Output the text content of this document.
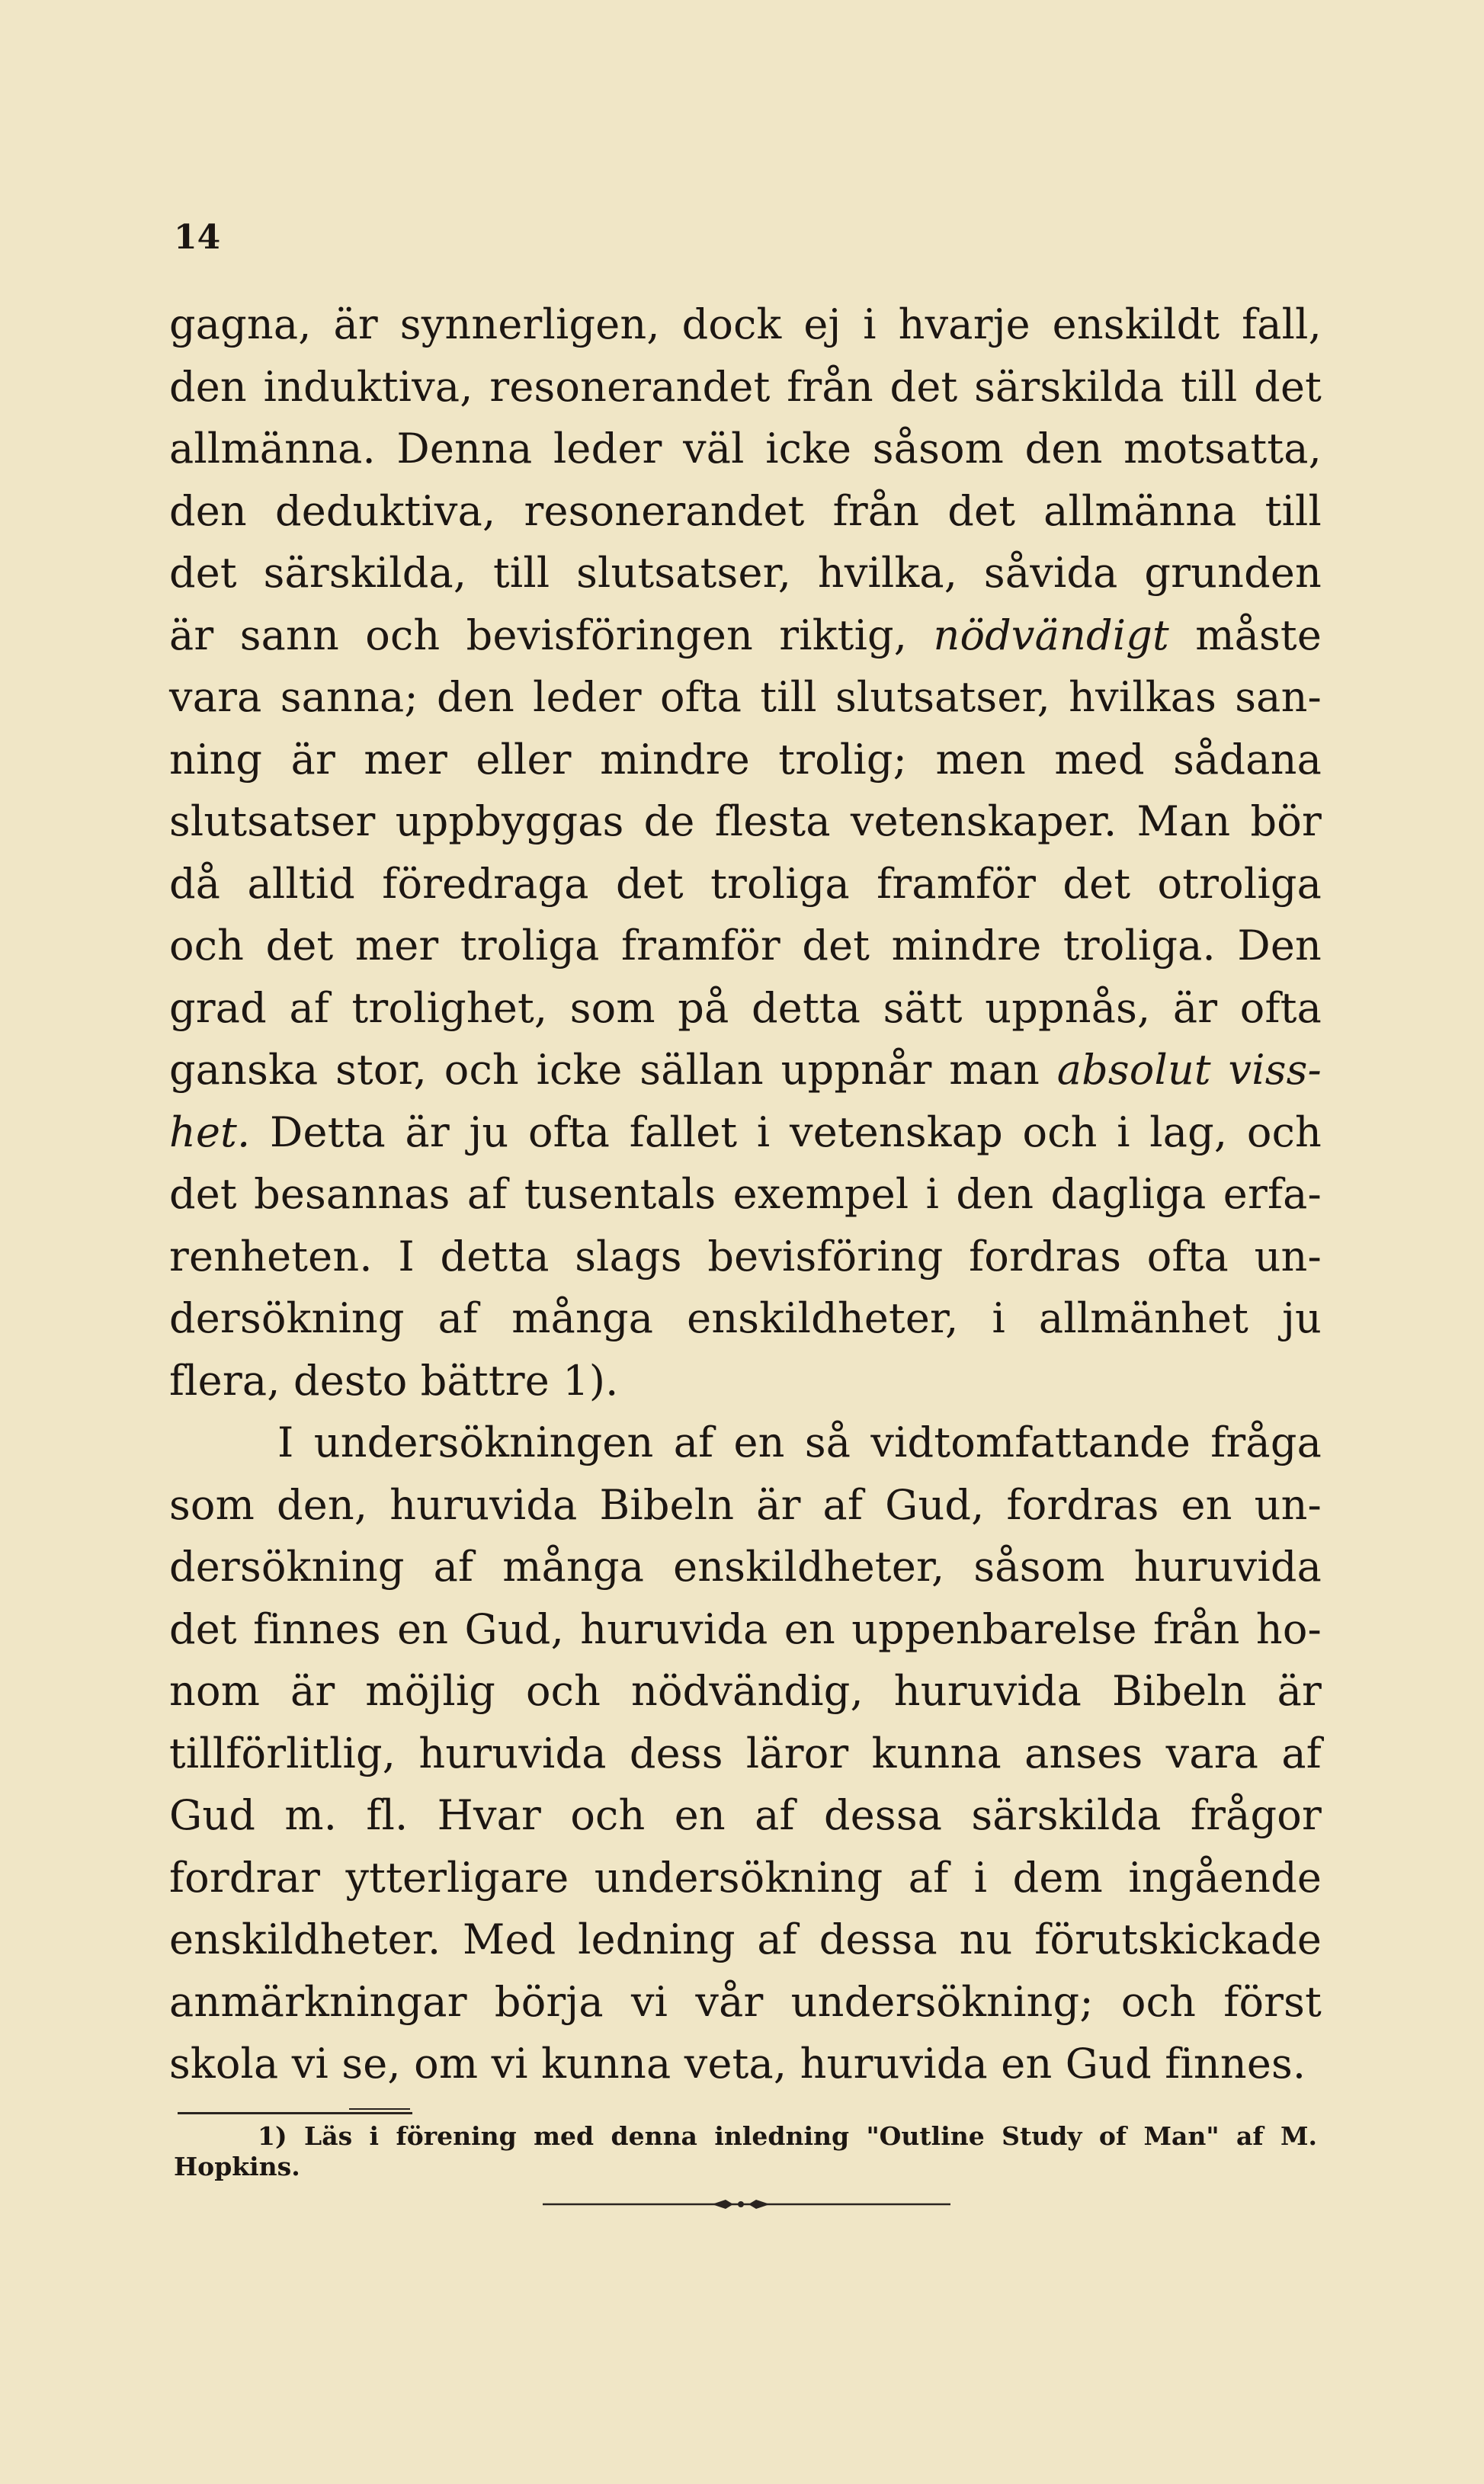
14
gagna, är synnerligen, dock ej i hvarje enskildt fall,
den induktiva, resonerandet från det särskilda till det
allmänna. Denna leder väl icke såsom den motsatta,
den deduktiva, resonerandet från det allmänna till
det särskilda, till slutsatser, hvilka, såvida grunden
är sann och bevisföringen riktig, nödvändigt måste
vara sanna; den leder ofta till slutsatser, hvilkas san-
ning är mer eller mindre trolig; men med sådana
slutsatser uppbyggas de flesta vetenskaper. Man bör
då alltid föredraga det troliga framför det otroliga
och det mer troliga framför det mindre troliga. Den
grad af trolighet, som på detta sätt uppnås, är ofta
ganska stor, och icke sällan uppnår man absolut viss-
het. Detta är ju ofta fallet i vetenskap och i lag, och
det besannas af tusentals exempel i den dagliga erfa-
renheten. I detta slags bevisföring fordras ofta un-
dersökning af många enskildheter, i allmänhet ju
flera, desto bättre 1).
I undersökningen af en så vidtomfattande fråga
som den, huruvida Bibeln är af Gud, fordras en un-
dersökning af många enskildheter, såsom huruvida
det finnes en Gud, huruvida en uppenbarelse från ho-
nom är möjlig och nödvändig, huruvida Bibeln är
tillförlitlig, huruvida dess läror kunna anses vara af
Gud m. fl. Hvar och en af dessa särskilda frågor
fordrar ytterligare undersökning af i dem ingående
enskildheter. Med ledning af dessa nu förutskickade
anmärkningar börja vi vår undersökning; och först
skola vi se, om vi kunna veta, huruvida en Gud finnes.
1) Läs i förening med denna inledning "Outline Study of Man" af M.
Hopkins.
